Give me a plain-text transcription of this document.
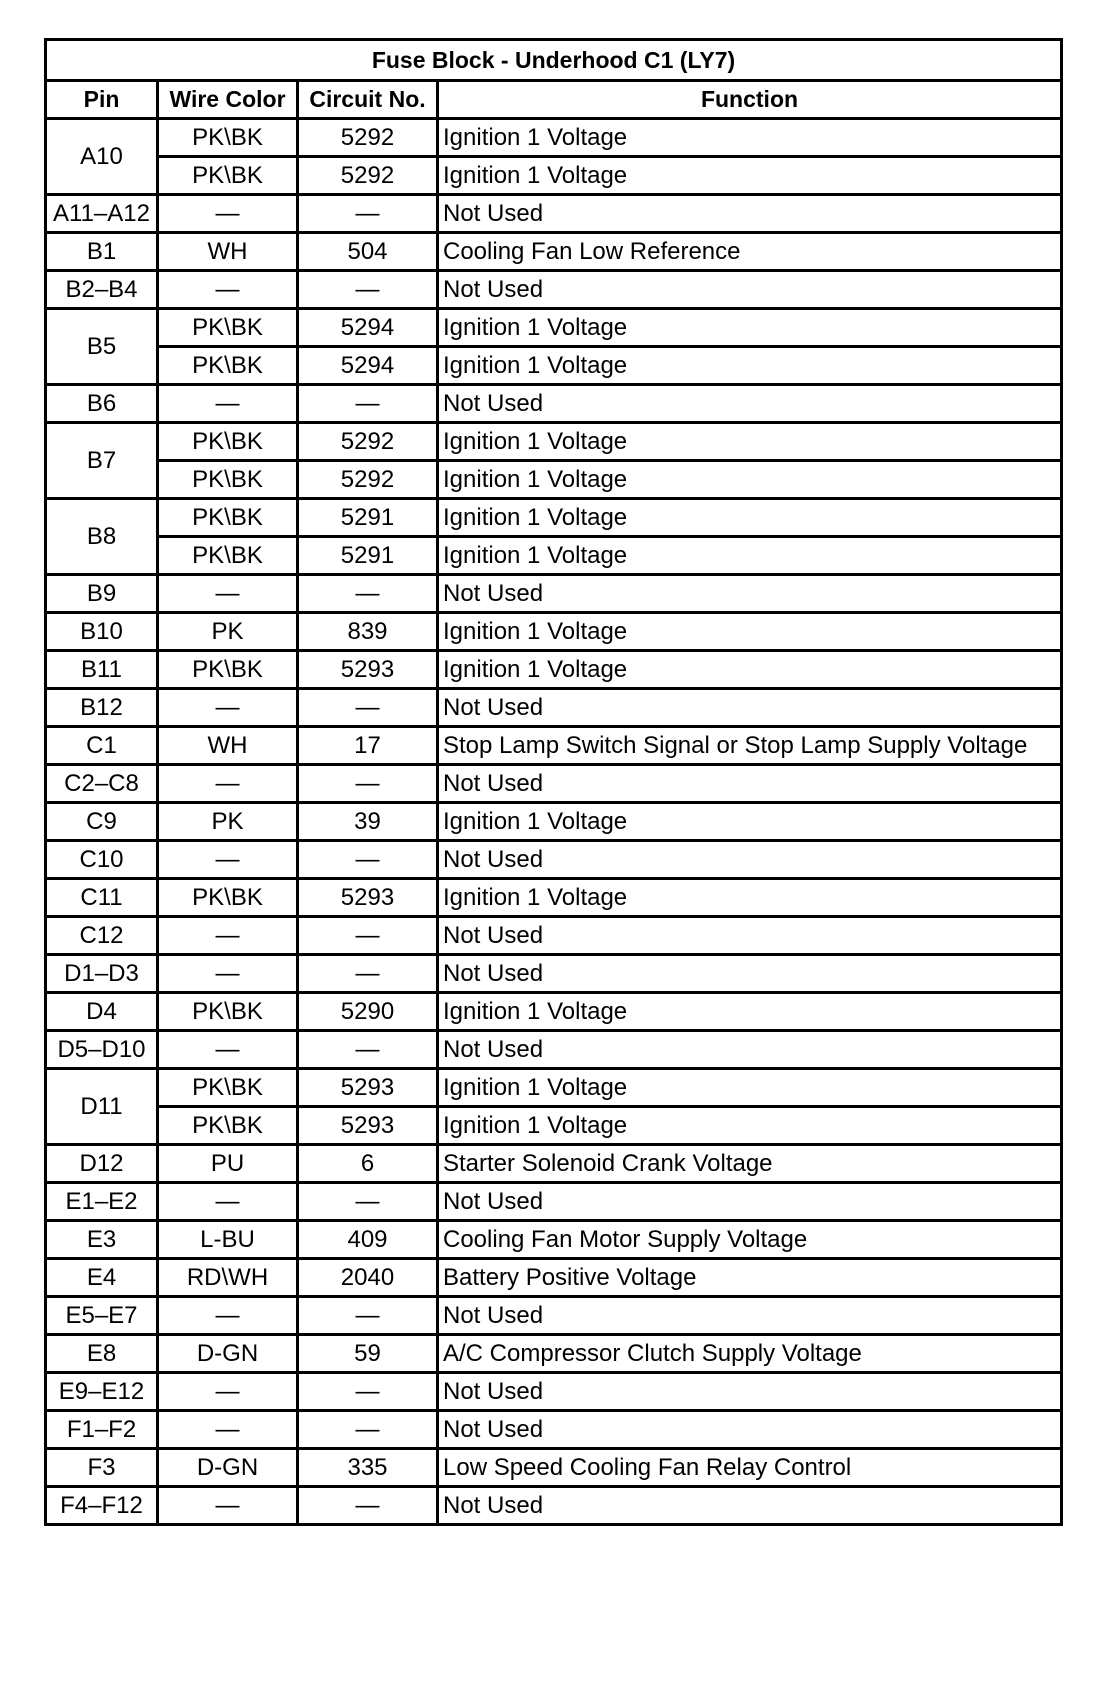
Fuse Block - Underhood C1 (LY7)			
Pin	Wire Color	Circuit No.	Function
A10	PK\BK	5292	Ignition 1 Voltage
	PK\BK	5292	Ignition 1 Voltage
A11–A12	—	—	Not Used
B1	WH	504	Cooling Fan Low Reference
B2–B4	—	—	Not Used
B5	PK\BK	5294	Ignition 1 Voltage
	PK\BK	5294	Ignition 1 Voltage
B6	—	—	Not Used
B7	PK\BK	5292	Ignition 1 Voltage
	PK\BK	5292	Ignition 1 Voltage
B8	PK\BK	5291	Ignition 1 Voltage
	PK\BK	5291	Ignition 1 Voltage
B9	—	—	Not Used
B10	PK	839	Ignition 1 Voltage
B11	PK\BK	5293	Ignition 1 Voltage
B12	—	—	Not Used
C1	WH	17	Stop Lamp Switch Signal or Stop Lamp Supply Voltage
C2–C8	—	—	Not Used
C9	PK	39	Ignition 1 Voltage
C10	—	—	Not Used
C11	PK\BK	5293	Ignition 1 Voltage
C12	—	—	Not Used
D1–D3	—	—	Not Used
D4	PK\BK	5290	Ignition 1 Voltage
D5–D10	—	—	Not Used
D11	PK\BK	5293	Ignition 1 Voltage
	PK\BK	5293	Ignition 1 Voltage
D12	PU	6	Starter Solenoid Crank Voltage
E1–E2	—	—	Not Used
E3	L-BU	409	Cooling Fan Motor Supply Voltage
E4	RD\WH	2040	Battery Positive Voltage
E5–E7	—	—	Not Used
E8	D-GN	59	A/C Compressor Clutch Supply Voltage
E9–E12	—	—	Not Used
F1–F2	—	—	Not Used
F3	D-GN	335	Low Speed Cooling Fan Relay Control
F4–F12	—	—	Not Used
